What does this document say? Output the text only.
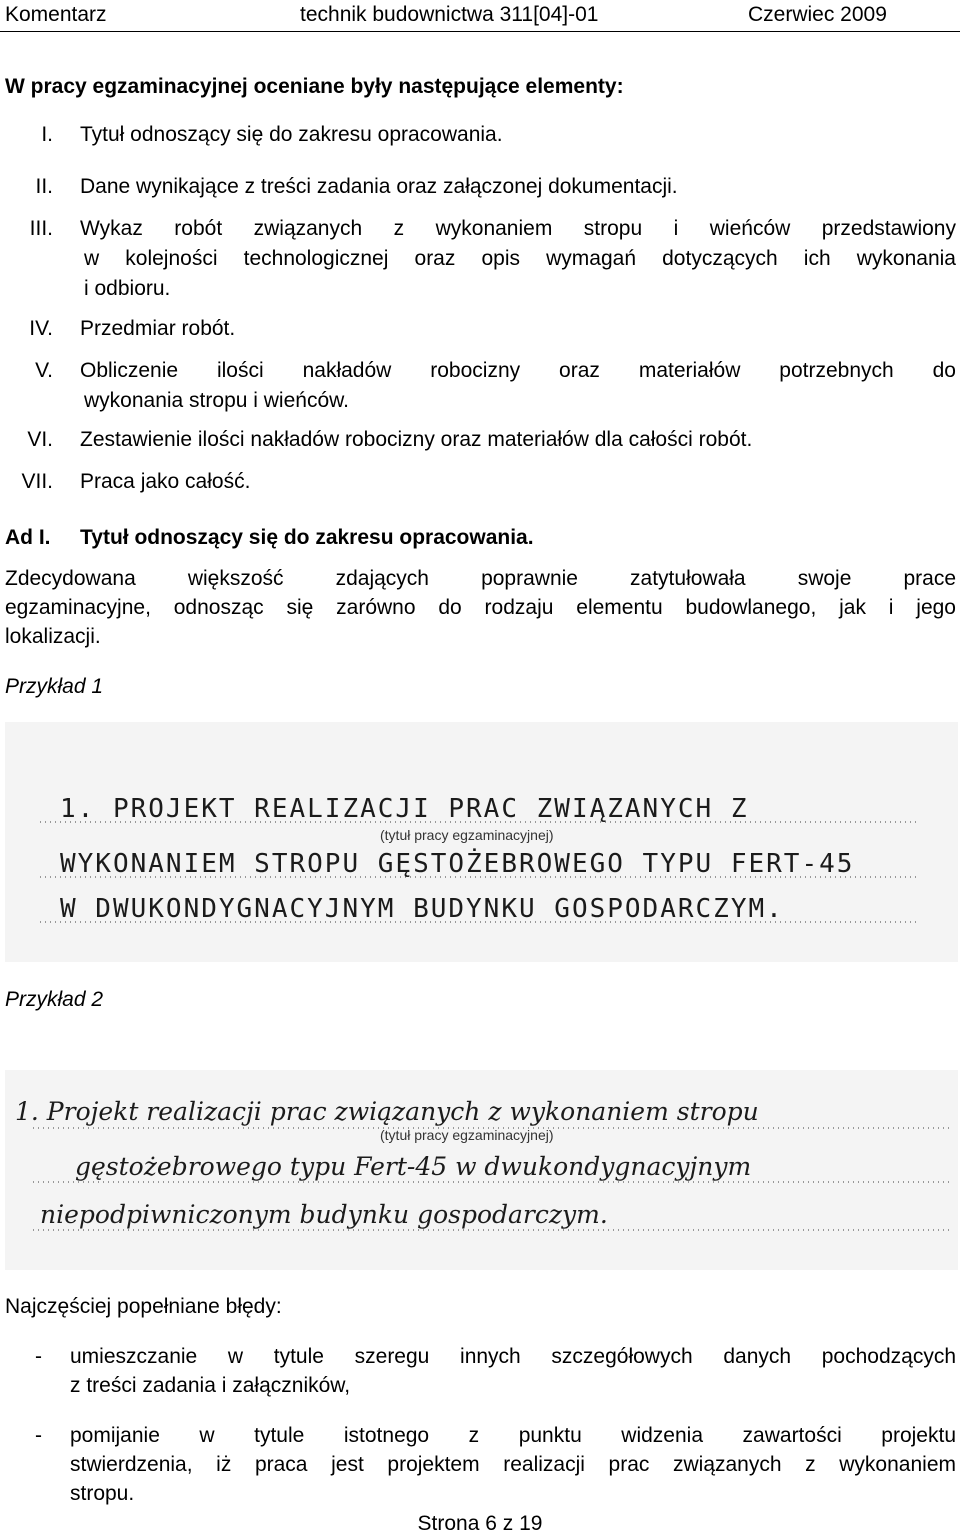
Komentarz	technik budownictwa 311[04]-01	Czerwiec 2009
W pracy egzaminacyjnej oceniane były następujące elementy:
I. Tytuł odnoszący się do zakresu opracowania.
II. Dane wynikające z treści zadania oraz załączonej dokumentacji.
III. Wykaz robót związanych z wykonaniem stropu i wieńców przedstawiony
w kolejności technologicznej oraz opis wymagań dotyczących ich wykonania
i odbioru.
IV. Przedmiar robót.
V. Obliczenie ilości nakładów robocizny oraz materiałów potrzebnych do
wykonania stropu i wieńców.
VI. Zestawienie ilości nakładów robocizny oraz materiałów dla całości robót.
VII. Praca jako całość.
Ad I.	Tytuł odnoszący się do zakresu opracowania.
Zdecydowana większość zdających poprawnie zatytułowała swoje prace
egzaminacyjne, odnosząc się zarówno do rodzaju elementu budowlanego, jak i jego
lokalizacji.
Przykład 1
1. PROJEKT REALIZACJI PRAC ZWIĄZANYCH Z
(tytuł pracy egzaminacyjnej)
WYKONANIEM STROPU GĘSTOŻEBROWEGO TYPU FERT-45
W DWUKONDYGNACYJNYM BUDYNKU GOSPODARCZYM.
Przykład 2
1. Projekt realizacji prac związanych z wykonaniem stropu
(tytuł pracy egzaminacyjnej)
gęstożebrowego typu Fert-45 w dwukondygnacyjnym
niepodpiwniczonym budynku gospodarczym.
Najczęściej popełniane błędy:
-	umieszczanie w tytule szeregu innych szczegółowych danych pochodzących
z treści zadania i załączników,
-	pomijanie w tytule istotnego z punktu widzenia zawartości projektu
stwierdzenia, iż praca jest projektem realizacji prac związanych z wykonaniem
stropu.
Strona 6 z 19
